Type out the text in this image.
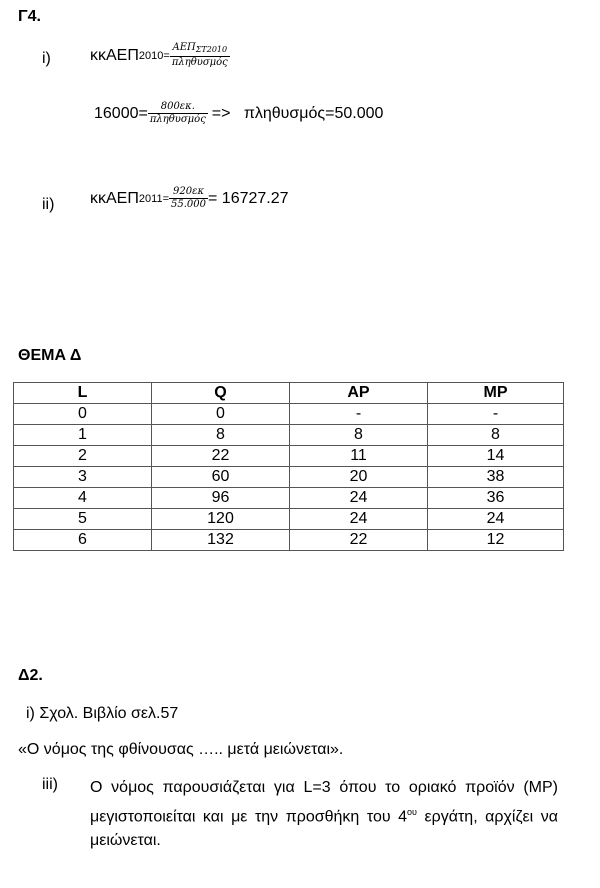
Γ4.
i) κκΑΕΠ $2010 = \frac{AE\Pi_{\Sigma T2010}}{\text{πληθυσμός}}$
$16000= \frac{800\varepsilon\kappa.}{\text{πληθυσμός}} => \pi\lambda\eta\theta\upsilon\sigma\mu ό\varsigma=50.000$
ii) κκΑΕΠ $2011 = \frac{920\varepsilon\kappa}{55.000} = 16727.27$
ΘΕΜΑ Δ
L	Q	AP	MP
0	0	-	-
1	8	8	8
2	22	11	14
3	60	20	38
4	96	24	36
5	120	24	24
6	132	22	12
Δ2.
i) Σχολ. Βιβλίο σελ.57
«Ο νόμος της φθίνουσας ….. μετά μειώνεται».
iii) Ο νόμος παρουσιάζεται για L=3 όπου το οριακό προϊόν (MP) μεγιστοποιείται και με την προσθήκη του $4^{o\upsilon}$ εργάτη, αρχίζει να μειώνεται.
